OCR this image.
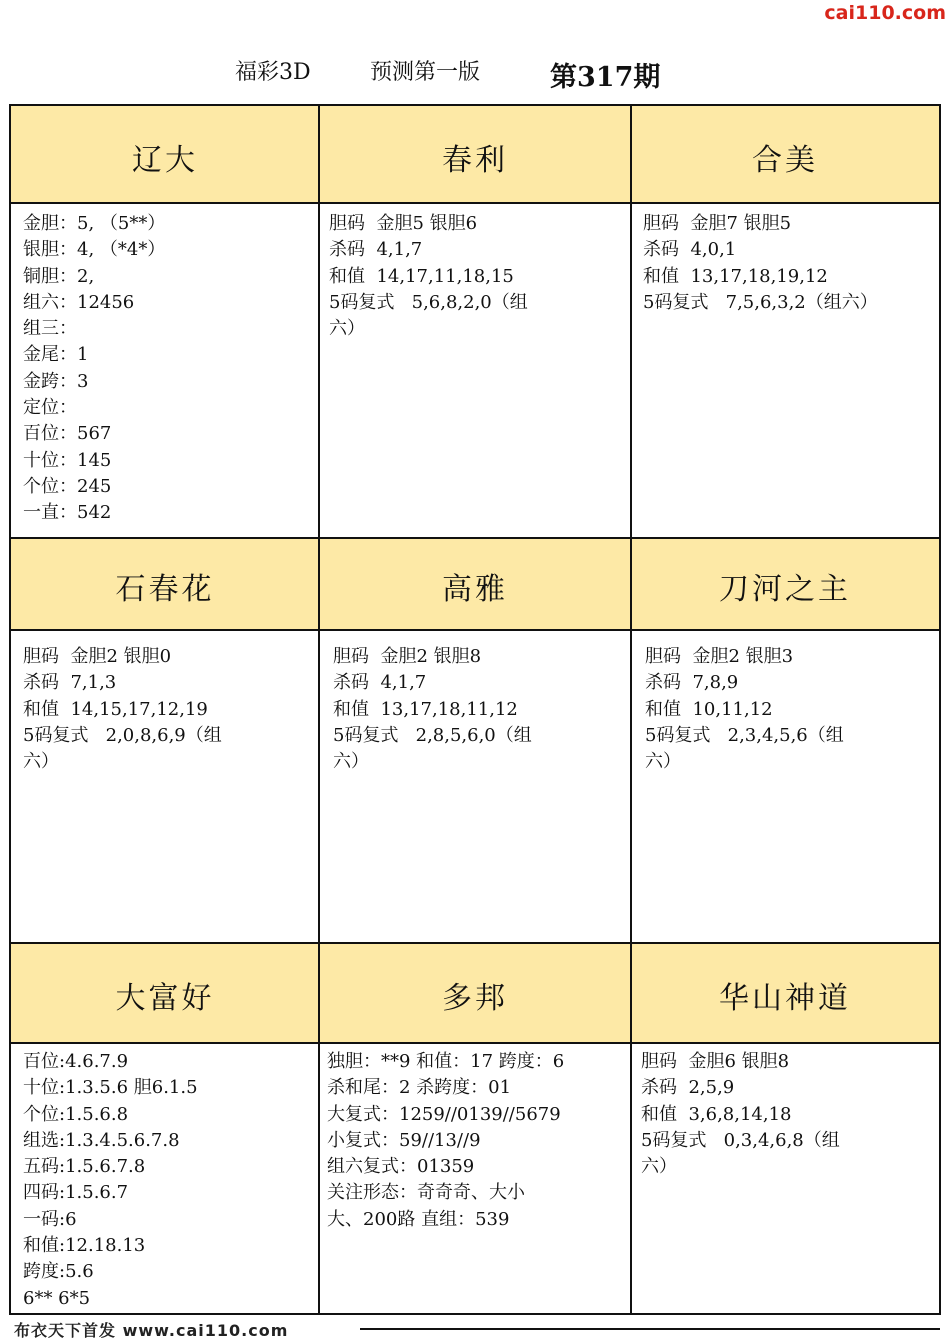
cai110.com
福彩3D	预测第一版	第317期
辽大
金胆：5, （5**）
银胆：4, （*4*）
铜胆：2,
组六：12456
组三：
金尾：1
金跨：3
定位：
百位：567
十位：145
个位：245
一直：542
春利
胆码  金胆5 银胆6
杀码  4,1,7
和值  14,17,11,18,15
5码复式   5,6,8,2,0（组
六）
合美
胆码  金胆7 银胆5
杀码  4,0,1
和值  13,17,18,19,12
5码复式   7,5,6,3,2（组六）
石春花
胆码  金胆2 银胆0
杀码  7,1,3
和值  14,15,17,12,19
5码复式   2,0,8,6,9（组
六）
高雅
胆码  金胆2 银胆8
杀码  4,1,7
和值  13,17,18,11,12
5码复式   2,8,5,6,0（组
六）
刀河之主
胆码  金胆2 银胆3
杀码  7,8,9
和值  10,11,12
5码复式   2,3,4,5,6（组
六）
大富好
百位:4.6.7.9
十位:1.3.5.6 胆6.1.5
个位:1.5.6.8
组选:1.3.4.5.6.7.8
五码:1.5.6.7.8
四码:1.5.6.7
一码:6
和值:12.18.13
跨度:5.6
6** 6*5
多邦
独胆：**9 和值：17 跨度：6
杀和尾：2 杀跨度：01
大复式：1259//0139//5679
小复式：59//13//9
组六复式：01359
关注形态：奇奇奇、大小
大、200路 直组：539
华山神道
胆码  金胆6 银胆8
杀码  2,5,9
和值  3,6,8,14,18
5码复式   0,3,4,6,8（组
六）
布衣天下首发 www.cai110.com
